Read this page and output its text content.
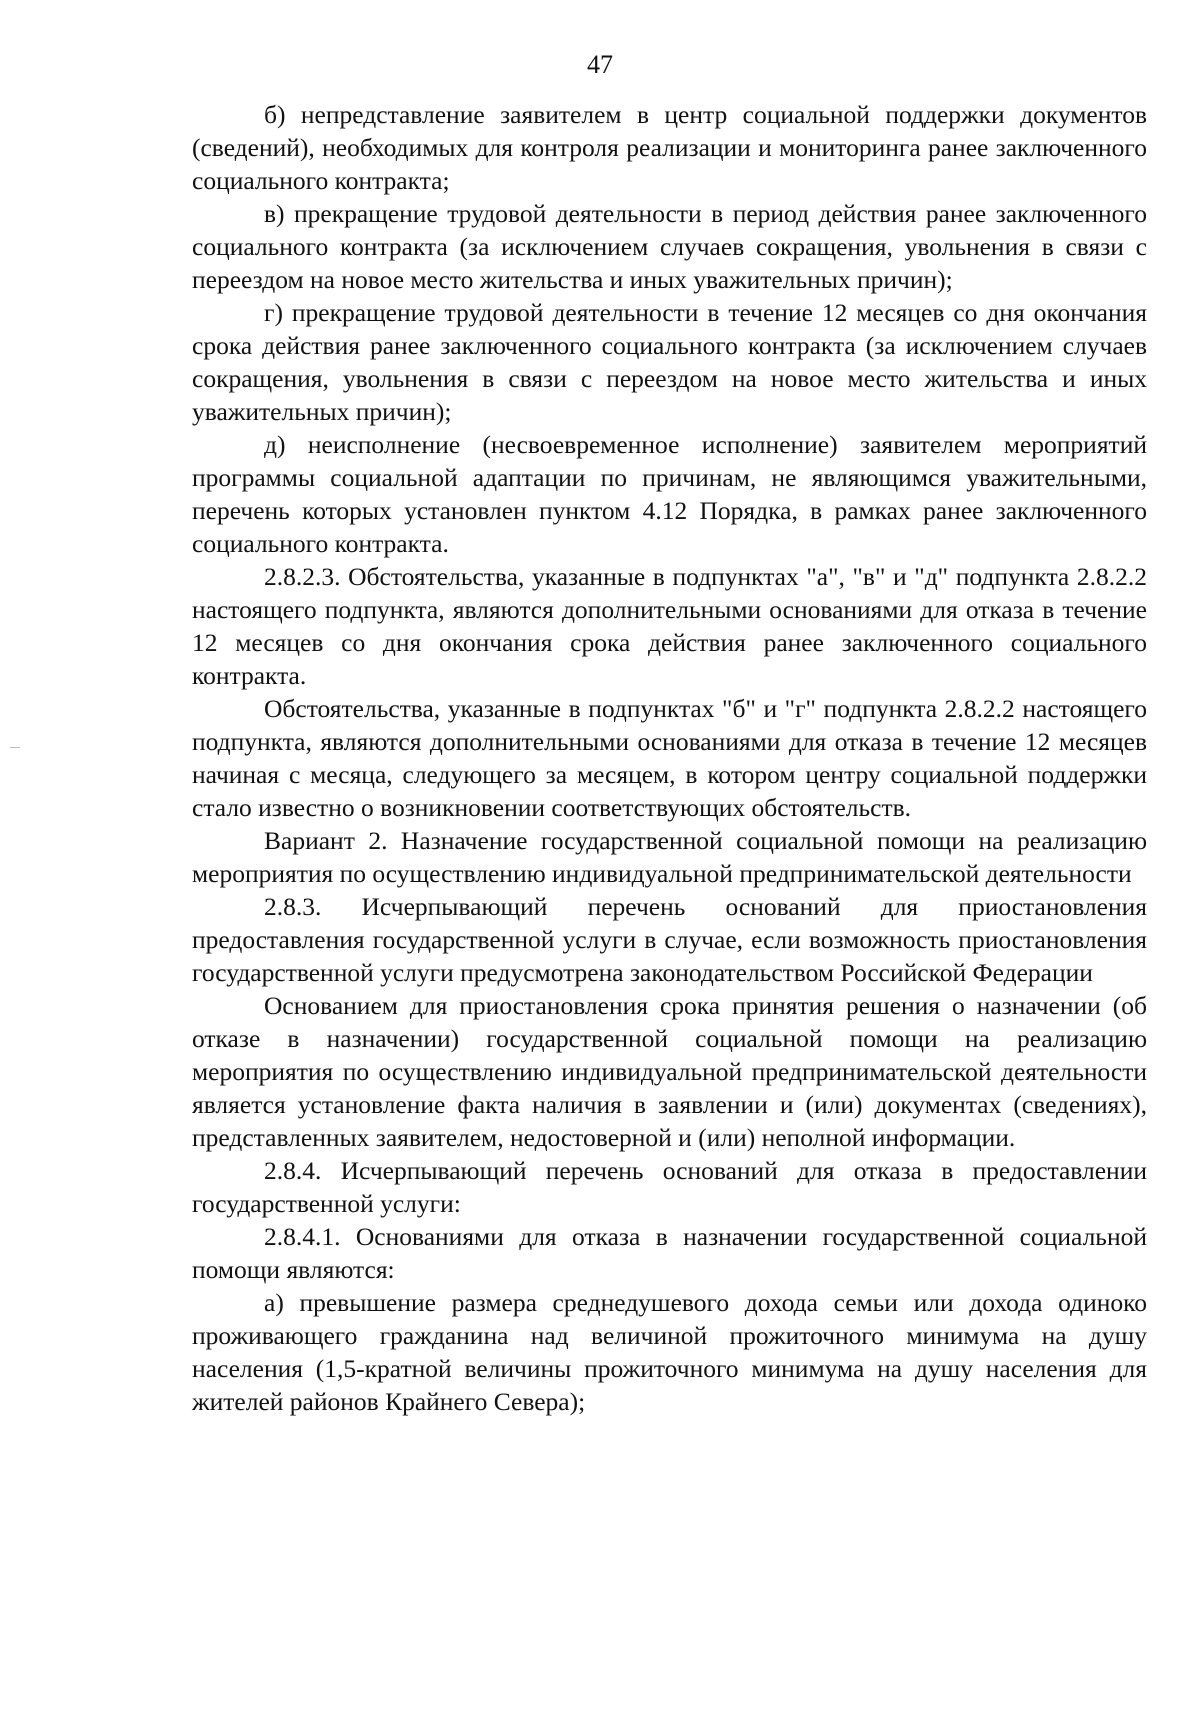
47

б) непредставление заявителем в центр социальной поддержки документов (сведений), необходимых для контроля реализации и мониторинга ранее заключенного социального контракта;

в) прекращение трудовой деятельности в период действия ранее заключенного социального контракта (за исключением случаев сокращения, увольнения в связи с переездом на новое место жительства и иных уважительных причин);

г) прекращение трудовой деятельности в течение 12 месяцев со дня окончания срока действия ранее заключенного социального контракта (за исключением случаев сокращения, увольнения в связи с переездом на новое место жительства и иных уважительных причин);

д) неисполнение (несвоевременное исполнение) заявителем мероприятий программы социальной адаптации по причинам, не являющимся уважительными, перечень которых установлен пунктом 4.12 Порядка, в рамках ранее заключенного социального контракта.

2.8.2.3. Обстоятельства, указанные в подпунктах "а", "в" и "д" подпункта 2.8.2.2 настоящего подпункта, являются дополнительными основаниями для отказа в течение 12 месяцев со дня окончания срока действия ранее заключенного социального контракта.

Обстоятельства, указанные в подпунктах "б" и "г" подпункта 2.8.2.2 настоящего подпункта, являются дополнительными основаниями для отказа в течение 12 месяцев начиная с месяца, следующего за месяцем, в котором центру социальной поддержки стало известно о возникновении соответствующих обстоятельств.

Вариант 2. Назначение государственной социальной помощи на реализацию мероприятия по осуществлению индивидуальной предпринимательской деятельности

2.8.3. Исчерпывающий перечень оснований для приостановления предоставления государственной услуги в случае, если возможность приостановления государственной услуги предусмотрена законодательством Российской Федерации

Основанием для приостановления срока принятия решения о назначении (об отказе в назначении) государственной социальной помощи на реализацию мероприятия по осуществлению индивидуальной предпринимательской деятельности является установление факта наличия в заявлении и (или) документах (сведениях), представленных заявителем, недостоверной и (или) неполной информации.

2.8.4. Исчерпывающий перечень оснований для отказа в предоставлении государственной услуги:

2.8.4.1. Основаниями для отказа в назначении государственной социальной помощи являются:

а) превышение размера среднедушевого дохода семьи или дохода одиноко проживающего гражданина над величиной прожиточного минимума на душу населения (1,5-кратной величины прожиточного минимума на душу населения для жителей районов Крайнего Севера);
